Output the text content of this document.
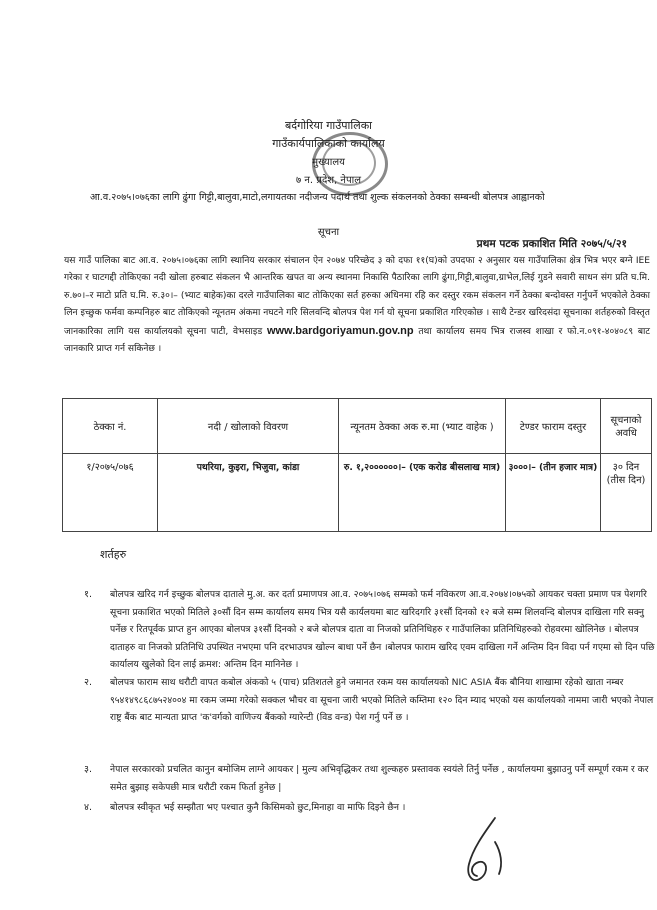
बर्दगोरिया गाउँपालिका
गाउँकार्यपालिकाको कार्यालय
मुख्यालय
७ न. प्रदेश, नेपाल
आ.व.२०७५।०७६का लागि ढुंगा गिट्टी,बालुवा,माटो,लगायतका नदीजन्य पदार्थ तथा शुल्क संकलनको ठेक्का सम्बन्धी बोलपत्र आह्वानको
सूचना
प्रथम पटक प्रकाशित मिति २०७५/५/२१
यस गाउँ पालिका बाट आ.व. २०७५।०७६का लागि स्थानिय सरकार संचालन ऐन २०७४ परिच्छेद ३ को दफा ११(घ)को उपदफा २ अनुसार यस गाउँपालिका क्षेत्र भित्र भएर बग्ने IEE गरेका र घाटगद्दी तोकिएका नदी खोला हरुबाट संकलन भै आन्तरिक खपत वा अन्य स्थानमा निकासि पैठारिका लागि ढुंगा,गिट्टी,बालुवा,ग्राभेल,लिई गुडने सवारी साधन संग प्रति घ.मि. रु.७०।–र माटो प्रति घ.मि. रु.३०।– (भ्याट बाहेक)का दरले गाउँपालिका बाट तोकिएका सर्त हरुका अधिनमा रहि कर दस्तुर रकम संकलन गर्ने ठेक्का बन्दोवस्त गर्नुपर्ने भएकोले ठेक्का लिन इच्छुक फर्मवा कम्पनिहरु बाट तोकिएको न्यूनतम अंकमा नघटने गरि सिलवन्दि बोलपत्र पेश गर्न यो सूचना प्रकाशित गरिएकोछ । साथै टेन्डर खरिदसंदा सूचनाका शर्तहरुको विस्तृत जानकारिका लागि यस कार्यालयको सूचना पाटी, वेभसाइड www.bardgoriyamun.gov.np तथा कार्यालय समय भित्र राजस्व शाखा र फो.न.०९१-४०४०८९ बाट जानकारि प्राप्त गर्न सकिनेछ ।
ठेक्का नं.	नदी / खोलाको विवरण	न्यूनतम ठेक्का अक रु.मा (भ्याट वाहेक )	टेण्डर फाराम दस्तुर	सूचनाको अवधि
१/२०७५/०७६	पथरिया, कुइरा, भिजुवा, कांडा	रु. १,२००००००।– (एक करोड बीसलाख मात्र)	३०००।– (तीन हजार मात्र)	३० दिन (तीस दिन)
शर्तहरु
१. बोलपत्र खरिद गर्न इच्छुक बोलपत्र दाताले मु.अ. कर दर्ता प्रमाणपत्र आ.व. २०७५।०७६ सम्मको फर्म नविकरण आ.व.२०७४।०७५को आयकर चक्ता प्रमाण पत्र पेशगरि सूचना प्रकाशित भएको मितिले ३०सौं दिन सम्म कार्यालय समय भित्र यसै कार्यलयमा बाट खरिदगरि ३१सौं दिनको १२ बजे सम्म शिलवन्दि बोलपत्र दाखिला गरि सक्नु पर्नेछ र रितपूर्वक प्राप्त हुन आएका बोलपत्र ३१सौं दिनको २ बजे बोलपत्र दाता वा निजको प्रतिनिधिहरु र गाउँपालिका प्रतिनिधिहरुको रोहवरमा खोलिनेछ । बोलपत्र दाताहरु वा निजको प्रतिनिधि उपस्थित नभएमा पनि दरभाउपत्र खोल्न बाधा पर्ने छैन ।बोलपत्र फाराम खरिद एवम दाखिला गर्ने अन्तिम दिन विदा पर्न गएमा सो दिन पछि कार्यालय खुलेको दिन लाई क्रमश: अन्तिम दिन मानिनेछ ।
२. बोलपत्र फाराम साथ धरौटी वापत कबोल अंकको ५ (पाच) प्रतिशतले हुने जमानत रकम यस कार्यालयको NIC ASIA बैंक बौनिया शाखामा रहेको खाता नम्बर ९५४१४९८६८७५२४००४ मा रकम जम्मा गरेको सक्कल भौचर वा सूचना जारी भएको मितिले कम्तिमा १२० दिन म्याद भएको यस कार्यालयको नाममा जारी भएको नेपाल राष्ट्र बैंक बाट मान्यता प्राप्त 'क'वर्गको वाणिज्य बैंकको ग्यारेन्टी (विड वन्ड) पेश गर्नु पर्ने छ ।
३. नेपाल सरकारको प्रचलित कानुन बमोजिम लाग्ने आयकर | मुल्य अभिवृद्धिकर तथा शुल्कहरु प्रस्तावक स्वयंले तिर्नु पर्नेछ , कार्यालयमा बुझाउनु पर्ने सम्पूर्ण रकम र कर समेत बुझाइ सकेपछी मात्र धरौटी रकम फिर्ता हुनेछ |
४. बोलपत्र स्वीकृत भई सम्झौता भए पश्चात कुनै किसिमको छुट,मिनाहा वा माफि दिइने छैन ।
